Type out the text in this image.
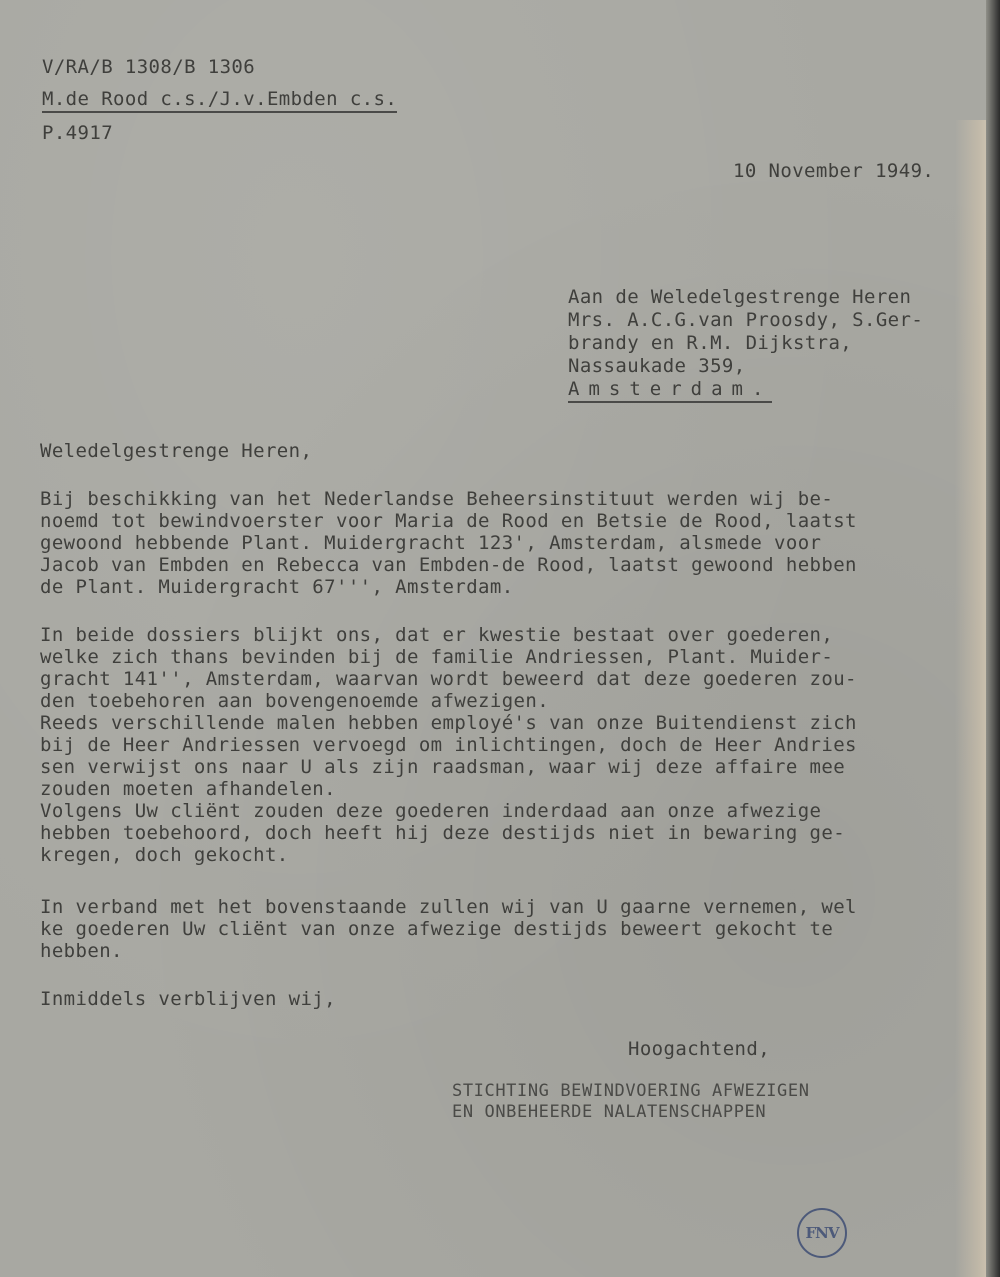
V/RA/B 1308/B 1306
M.de Rood c.s./J.v.Embden c.s.
P.4917
10 November 1949.
Aan de Weledelgestrenge Heren
Mrs. A.C.G.van Proosdy, S.Ger-
brandy en R.M. Dijkstra,
Nassaukade 359,
Amsterdam.
Weledelgestrenge Heren,
Bij beschikking van het Nederlandse Beheersinstituut werden wij be-
noemd tot bewindvoerster voor Maria de Rood en Betsie de Rood, laatst
gewoond hebbende Plant. Muidergracht 123', Amsterdam, alsmede voor
Jacob van Embden en Rebecca van Embden-de Rood, laatst gewoond hebben
de Plant. Muidergracht 67''', Amsterdam.
In beide dossiers blijkt ons, dat er kwestie bestaat over goederen,
welke zich thans bevinden bij de familie Andriessen, Plant. Muider-
gracht 141'', Amsterdam, waarvan wordt beweerd dat deze goederen zou-
den toebehoren aan bovengenoemde afwezigen.
Reeds verschillende malen hebben employé's van onze Buitendienst zich
bij de Heer Andriessen vervoegd om inlichtingen, doch de Heer Andries
sen verwijst ons naar U als zijn raadsman, waar wij deze affaire mee
zouden moeten afhandelen.
Volgens Uw cliënt zouden deze goederen inderdaad aan onze afwezige
hebben toebehoord, doch heeft hij deze destijds niet in bewaring ge-
kregen, doch gekocht.
In verband met het bovenstaande zullen wij van U gaarne vernemen, wel
ke goederen Uw cliënt van onze afwezige destijds beweert gekocht te
hebben.
Inmiddels verblijven wij,
Hoogachtend,
STICHTING BEWINDVOERING AFWEZIGEN
EN ONBEHEERDE NALATENSCHAPPEN
FNV
